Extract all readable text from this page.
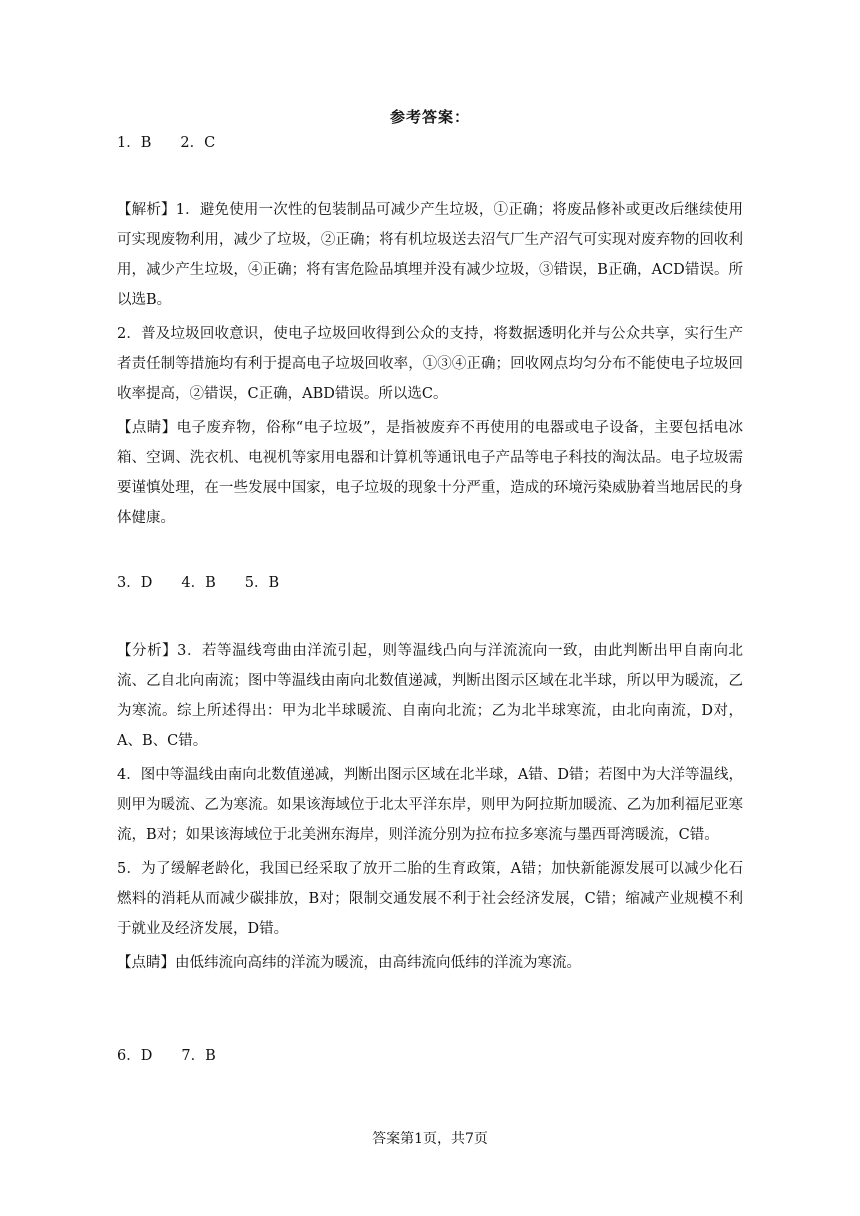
参考答案：

1．B　　2．C

【解析】1．避免使用一次性的包装制品可减少产生垃圾，①正确；将废品修补或更改后继续使用可实现废物利用，减少了垃圾，②正确；将有机垃圾送去沼气厂生产沼气可实现对废弃物的回收利用，减少产生垃圾，④正确；将有害危险品填埋并没有减少垃圾，③错误，B正确，ACD错误。所以选B。

2．普及垃圾回收意识，使电子垃圾回收得到公众的支持，将数据透明化并与公众共享，实行生产者责任制等措施均有利于提高电子垃圾回收率，①③④正确；回收网点均匀分布不能使电子垃圾回收率提高，②错误，C正确，ABD错误。所以选C。

【点睛】电子废弃物，俗称“电子垃圾”，是指被废弃不再使用的电器或电子设备，主要包括电冰箱、空调、洗衣机、电视机等家用电器和计算机等通讯电子产品等电子科技的淘汰品。电子垃圾需要谨慎处理，在一些发展中国家，电子垃圾的现象十分严重，造成的环境污染威胁着当地居民的身体健康。

3．D　　4．B　　5．B

【分析】3．若等温线弯曲由洋流引起，则等温线凸向与洋流流向一致，由此判断出甲自南向北流、乙自北向南流；图中等温线由南向北数值递减，判断出图示区域在北半球，所以甲为暖流，乙为寒流。综上所述得出：甲为北半球暖流、自南向北流；乙为北半球寒流，由北向南流，D对，A、B、C错。

4．图中等温线由南向北数值递减，判断出图示区域在北半球，A错、D错；若图中为大洋等温线，则甲为暖流、乙为寒流。如果该海域位于北太平洋东岸，则甲为阿拉斯加暖流、乙为加利福尼亚寒流，B对；如果该海域位于北美洲东海岸，则洋流分别为拉布拉多寒流与墨西哥湾暖流，C错。

5．为了缓解老龄化，我国已经采取了放开二胎的生育政策，A错；加快新能源发展可以减少化石燃料的消耗从而减少碳排放，B对；限制交通发展不利于社会经济发展，C错；缩减产业规模不利于就业及经济发展，D错。

【点睛】由低纬流向高纬的洋流为暖流，由高纬流向低纬的洋流为寒流。

6．D　　7．B

答案第1页，共7页
